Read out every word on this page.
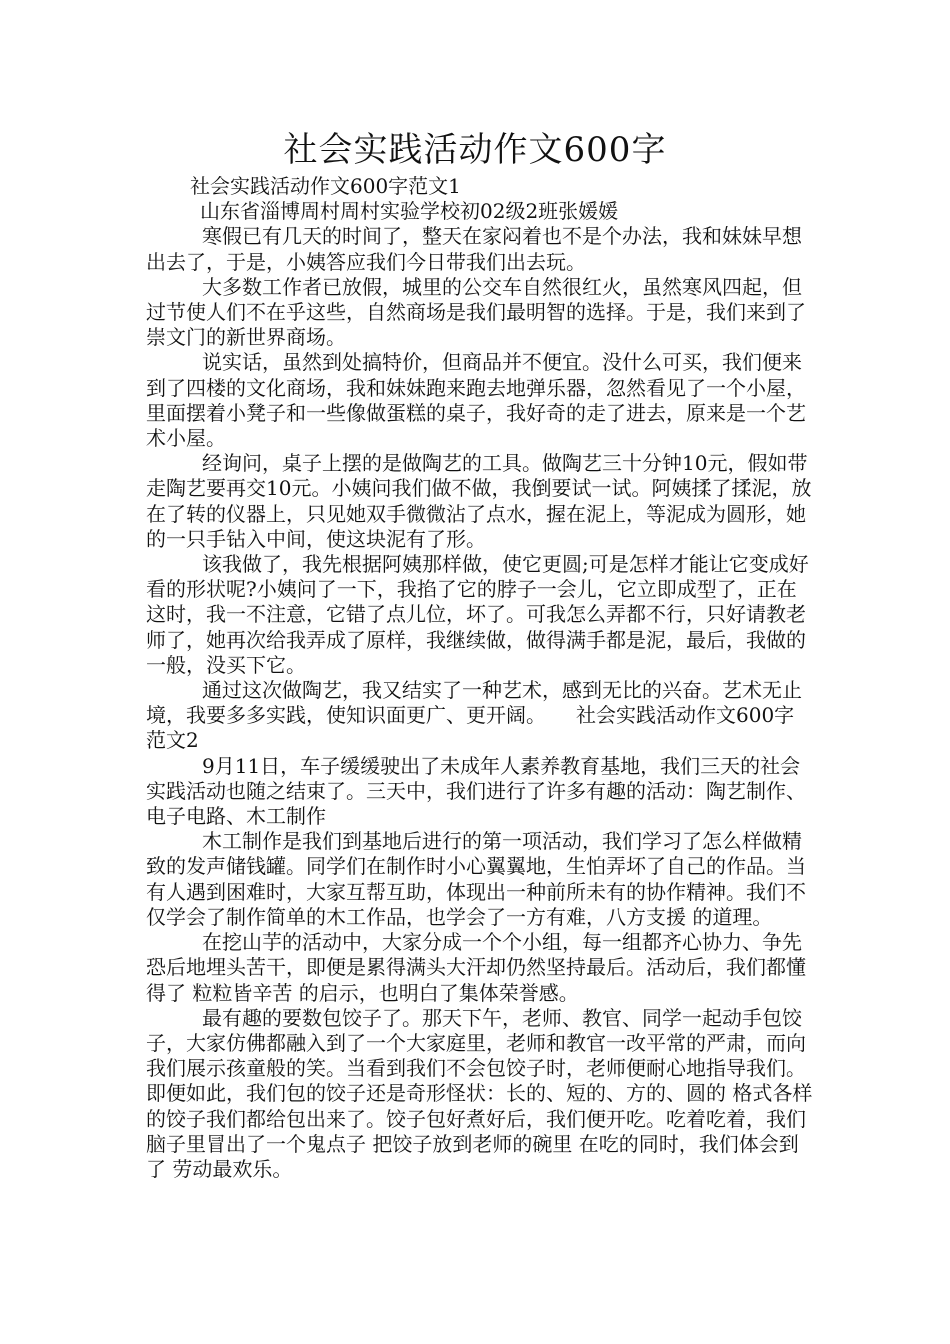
社会实践活动作文600字

社会实践活动作文600字范文1

山东省淄博周村周村实验学校初02级2班张媛媛

寒假已有几天的时间了，整天在家闷着也不是个办法，我和妹妹早想出去了，于是，小姨答应我们今日带我们出去玩。

大多数工作者已放假，城里的公交车自然很红火，虽然寒风四起，但过节使人们不在乎这些，自然商场是我们最明智的选择。于是，我们来到了崇文门的新世界商场。

说实话，虽然到处搞特价，但商品并不便宜。没什么可买，我们便来到了四楼的文化商场，我和妹妹跑来跑去地弹乐器，忽然看见了一个小屋，里面摆着小凳子和一些像做蛋糕的桌子，我好奇的走了进去，原来是一个艺术小屋。

经询问，桌子上摆的是做陶艺的工具。做陶艺三十分钟10元，假如带走陶艺要再交10元。小姨问我们做不做，我倒要试一试。阿姨揉了揉泥，放在了转的仪器上，只见她双手微微沾了点水，握在泥上，等泥成为圆形，她的一只手钻入中间，使这块泥有了形。

该我做了，我先根据阿姨那样做，使它更圆;可是怎样才能让它变成好看的形状呢?小姨问了一下，我掐了它的脖子一会儿，它立即成型了，正在这时，我一不注意，它错了点儿位，坏了。可我怎么弄都不行，只好请教老师了，她再次给我弄成了原样，我继续做，做得满手都是泥，最后，我做的一般，没买下它。

通过这次做陶艺，我又结实了一种艺术，感到无比的兴奋。艺术无止境，我要多多实践，使知识面更广、更开阔。　　社会实践活动作文600字范文2

9月11日，车子缓缓驶出了未成年人素养教育基地，我们三天的社会实践活动也随之结束了。三天中，我们进行了许多有趣的活动：陶艺制作、电子电路、木工制作

木工制作是我们到基地后进行的第一项活动，我们学习了怎么样做精致的发声储钱罐。同学们在制作时小心翼翼地，生怕弄坏了自己的作品。当有人遇到困难时，大家互帮互助，体现出一种前所未有的协作精神。我们不仅学会了制作简单的木工作品，也学会了一方有难，八方支援 的道理。

在挖山芋的活动中，大家分成一个个小组，每一组都齐心协力、争先恐后地埋头苦干，即便是累得满头大汗却仍然坚持最后。活动后，我们都懂得了 粒粒皆辛苦 的启示，也明白了集体荣誉感。

最有趣的要数包饺子了。那天下午，老师、教官、同学一起动手包饺子，大家仿佛都融入到了一个大家庭里，老师和教官一改平常的严肃，而向我们展示孩童般的笑。当看到我们不会包饺子时，老师便耐心地指导我们。即便如此，我们包的饺子还是奇形怪状：长的、短的、方的、圆的 格式各样的饺子我们都给包出来了。饺子包好煮好后，我们便开吃。吃着吃着，我们脑子里冒出了一个鬼点子 把饺子放到老师的碗里 在吃的同时，我们体会到了 劳动最欢乐。
